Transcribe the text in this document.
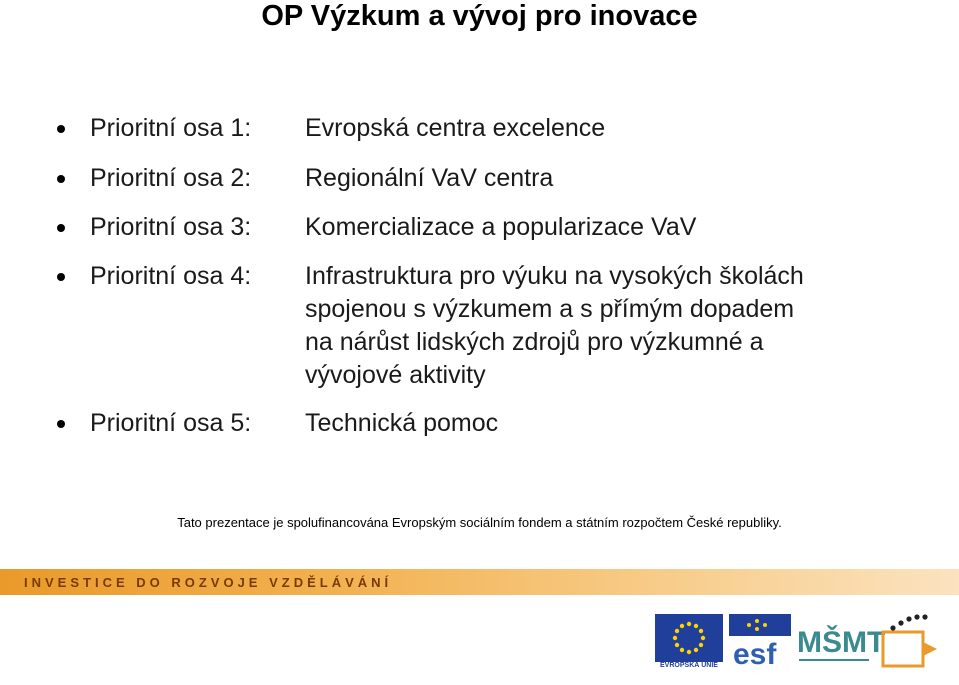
OP Výzkum a vývoj pro inovace
Prioritní osa 1: Evropská centra excelence
Prioritní osa 2: Regionální VaV centra
Prioritní osa 3: Komercializace a popularizace VaV
Prioritní osa 4: Infrastruktura pro výuku na vysokých školách
spojenou s výzkumem a s přímým dopadem
na nárůst lidských zdrojů pro výzkumné a
vývojové aktivity
Prioritní osa 5: Technická pomoc
Tato prezentace je spolufinancována Evropským sociálním fondem a státním rozpočtem České republiky.
INVESTICE DO ROZVOJE VZDĚLÁVÁNÍ
EVROPSKÁ UNIE esf MŠMT
